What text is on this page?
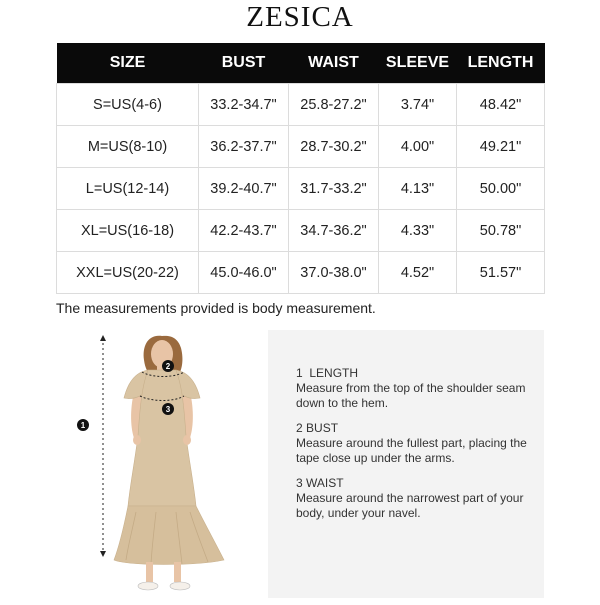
ZESICA
SIZE	BUST	WAIST	SLEEVE	LENGTH
S=US(4-6)	33.2-34.7"	25.8-27.2"	3.74"	48.42"
M=US(8-10)	36.2-37.7"	28.7-30.2"	4.00"	49.21"
L=US(12-14)	39.2-40.7"	31.7-33.2"	4.13"	50.00"
XL=US(16-18)	42.2-43.7"	34.7-36.2"	4.33"	50.78"
XXL=US(20-22)	45.0-46.0"	37.0-38.0"	4.52"	51.57"
The measurements provided is body measurement.
1
2
3
1 LENGTH
Measure from the top of the shoulder seam down to the hem.
2 BUST
Measure around the fullest part, placing the tape close up under the arms.
3 WAIST
Measure around the narrowest part of your body, under your navel.
